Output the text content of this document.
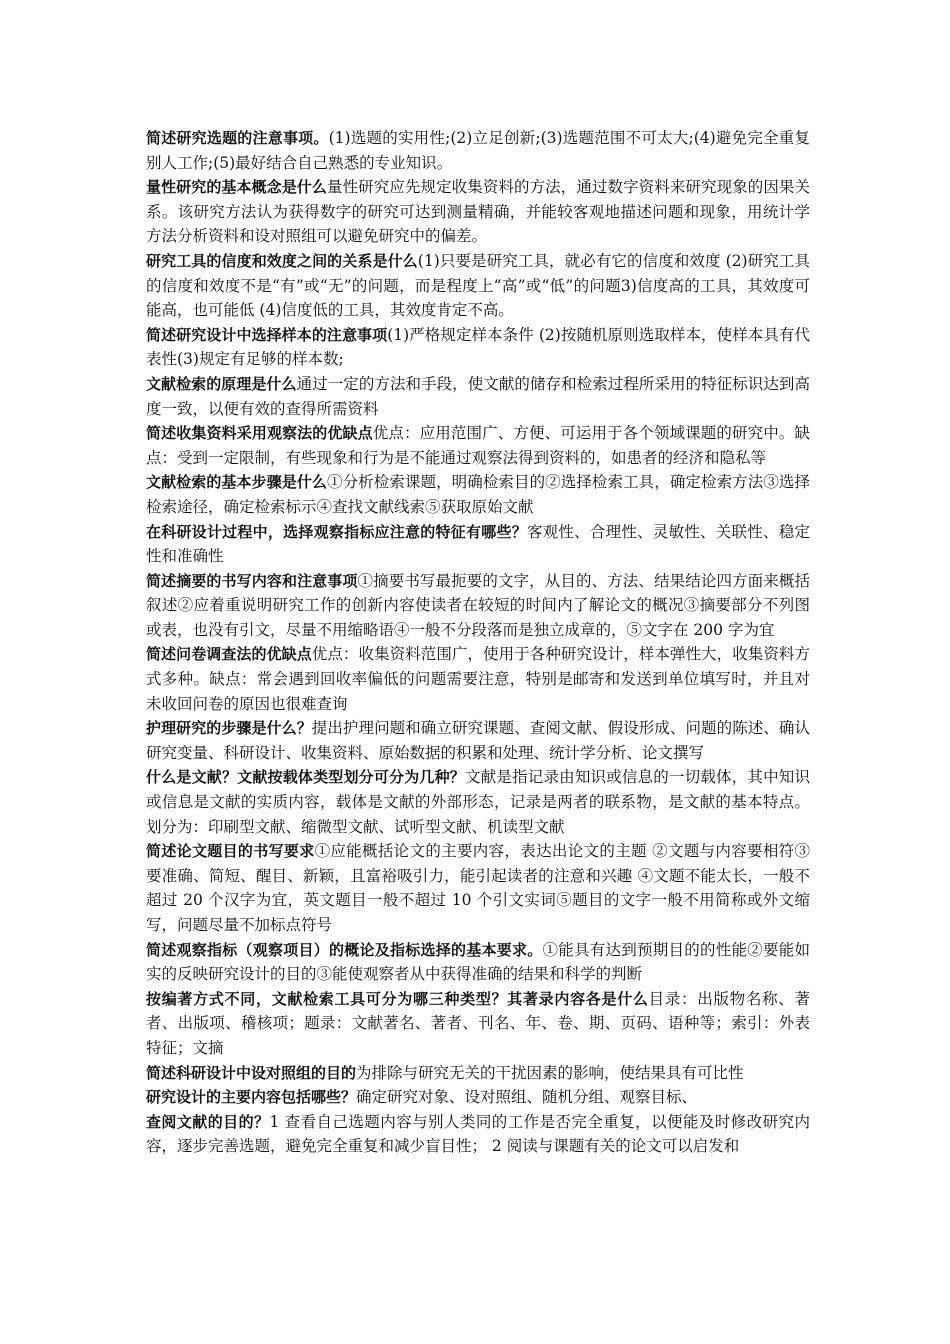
简述研究选题的注意事项。(1)选题的实用性;(2)立足创新;(3)选题范围不可太大;(4)避免完全重复别人工作;(5)最好结合自己熟悉的专业知识。

量性研究的基本概念是什么量性研究应先规定收集资料的方法，通过数字资料来研究现象的因果关系。该研究方法认为获得数字的研究可达到测量精确，并能较客观地描述问题和现象，用统计学方法分析资料和设对照组可以避免研究中的偏差。

研究工具的信度和效度之间的关系是什么(1)只要是研究工具，就必有它的信度和效度 (2)研究工具的信度和效度不是“有”或“无”的问题，而是程度上“高”或“低”的问题3)信度高的工具，其效度可能高，也可能低 (4)信度低的工具，其效度肯定不高。

简述研究设计中选择样本的注意事项(1)严格规定样本条件 (2)按随机原则选取样本，使样本具有代表性(3)规定有足够的样本数;

文献检索的原理是什么通过一定的方法和手段，使文献的储存和检索过程所采用的特征标识达到高度一致，以便有效的查得所需资料

简述收集资料采用观察法的优缺点优点：应用范围广、方便、可运用于各个领域课题的研究中。缺点：受到一定限制，有些现象和行为是不能通过观察法得到资料的，如患者的经济和隐私等

文献检索的基本步骤是什么①分析检索课题，明确检索目的②选择检索工具，确定检索方法③选择检索途径，确定检索标示④查找文献线索⑤获取原始文献

在科研设计过程中，选择观察指标应注意的特征有哪些？客观性、合理性、灵敏性、关联性、稳定性和准确性

简述摘要的书写内容和注意事项①摘要书写最扼要的文字，从目的、方法、结果结论四方面来概括叙述②应着重说明研究工作的创新内容使读者在较短的时间内了解论文的概况③摘要部分不列图或表，也没有引文，尽量不用缩略语④一般不分段落而是独立成章的，⑤文字在 200 字为宜

简述问卷调查法的优缺点优点：收集资料范围广，使用于各种研究设计，样本弹性大，收集资料方式多种。缺点：常会遇到回收率偏低的问题需要注意，特别是邮寄和发送到单位填写时，并且对未收回问卷的原因也很难查询

护理研究的步骤是什么？提出护理问题和确立研究课题、查阅文献、假设形成、问题的陈述、确认研究变量、科研设计、收集资料、原始数据的积累和处理、统计学分析、论文撰写

什么是文献？文献按载体类型划分可分为几种？文献是指记录由知识或信息的一切载体，其中知识或信息是文献的实质内容，载体是文献的外部形态，记录是两者的联系物，是文献的基本特点。划分为：印刷型文献、缩微型文献、试听型文献、机读型文献

简述论文题目的书写要求①应能概括论文的主要内容，表达出论文的主题 ②文题与内容要相符③要准确、简短、醒目、新颖，且富裕吸引力，能引起读者的注意和兴趣 ④文题不能太长，一般不超过 20 个汉字为宜，英文题目一般不超过 10 个引文实词⑤题目的文字一般不用简称或外文缩写，问题尽量不加标点符号

简述观察指标（观察项目）的概论及指标选择的基本要求。①能具有达到预期目的的性能②要能如实的反映研究设计的目的③能使观察者从中获得准确的结果和科学的判断

按编著方式不同，文献检索工具可分为哪三种类型？其著录内容各是什么目录：出版物名称、著者、出版项、稽核项；题录：文献著名、著者、刊名、年、卷、期、页码、语种等；索引：外表特征；文摘

简述科研设计中设对照组的目的为排除与研究无关的干扰因素的影响，使结果具有可比性

研究设计的主要内容包括哪些？确定研究对象、设对照组、随机分组、观察目标、

查阅文献的目的？1 查看自己选题内容与别人类同的工作是否完全重复，以便能及时修改研究内容，逐步完善选题，避免完全重复和减少盲目性； 2 阅读与课题有关的论文可以启发和
